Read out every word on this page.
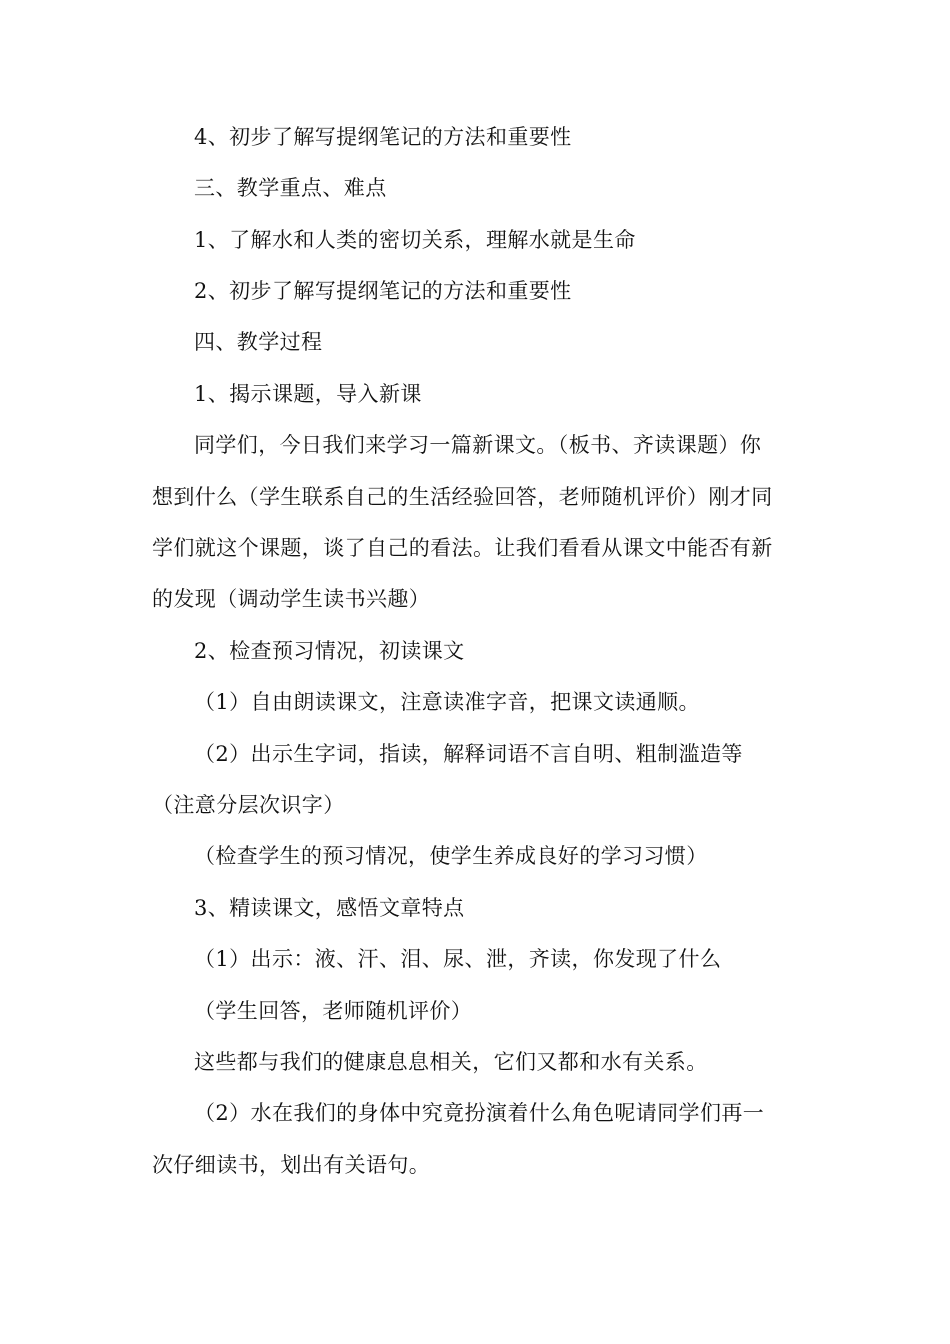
4、初步了解写提纲笔记的方法和重要性
三、教学重点、难点
1、了解水和人类的密切关系，理解水就是生命
2、初步了解写提纲笔记的方法和重要性
四、教学过程
1、揭示课题，导入新课
同学们，今日我们来学习一篇新课文。（板书、齐读课题）你
想到什么（学生联系自己的生活经验回答，老师随机评价）刚才同
学们就这个课题，谈了自己的看法。让我们看看从课文中能否有新
的发现（调动学生读书兴趣）
2、检查预习情况，初读课文
（1）自由朗读课文，注意读准字音，把课文读通顺。
（2）出示生字词，指读，解释词语不言自明、粗制滥造等
（注意分层次识字）
（检查学生的预习情况，使学生养成良好的学习习惯）
3、精读课文，感悟文章特点
（1）出示：液、汗、泪、尿、泄，齐读，你发现了什么
（学生回答，老师随机评价）
这些都与我们的健康息息相关，它们又都和水有关系。
（2）水在我们的身体中究竟扮演着什么角色呢请同学们再一
次仔细读书，划出有关语句。
